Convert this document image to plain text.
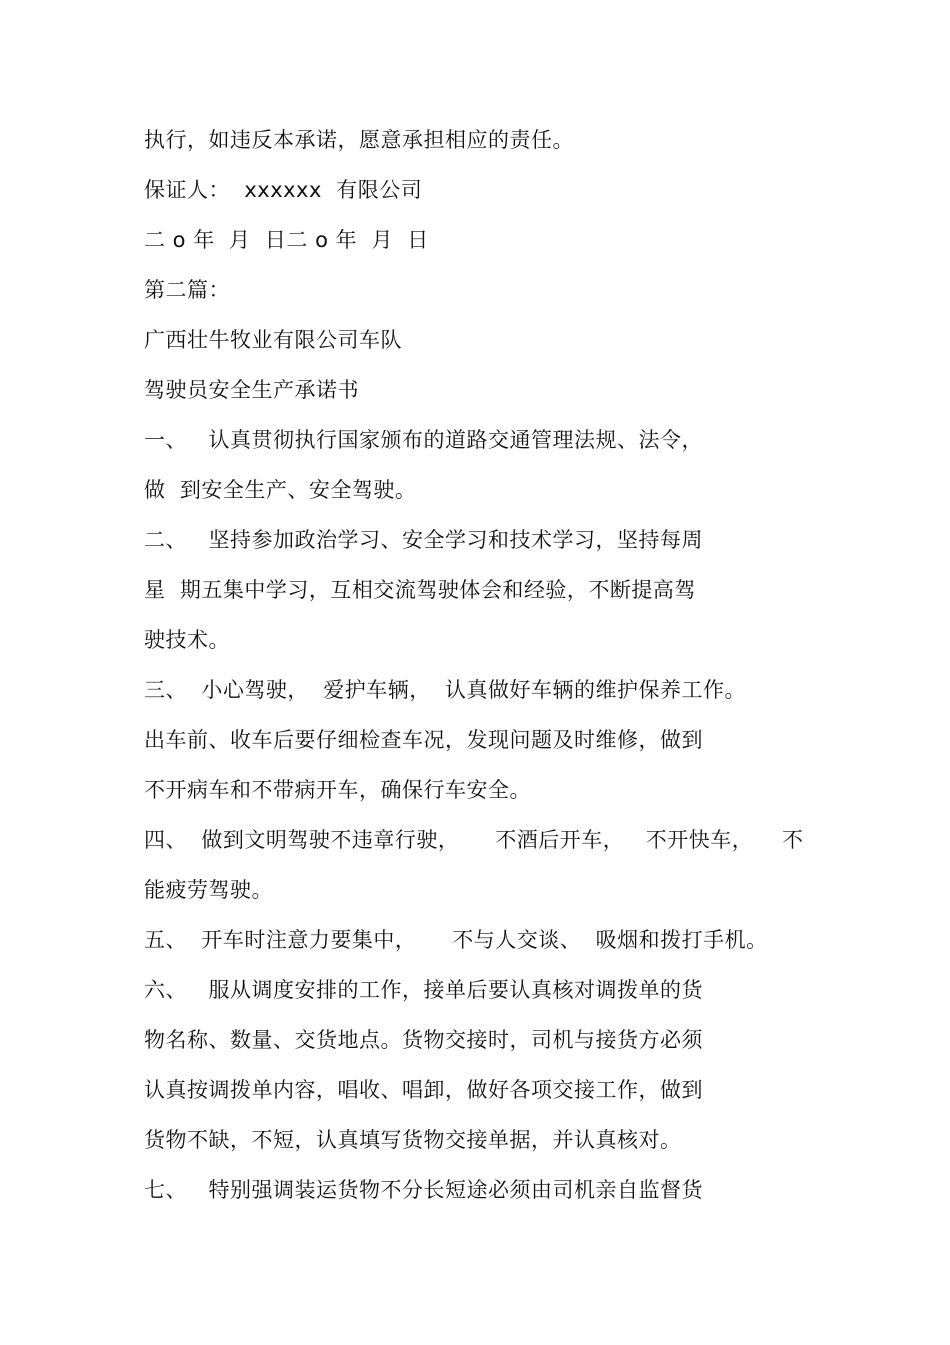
执行，如违反本承诺，愿意承担相应的责任。
保证人：  xxxxxx  有限公司
二 o 年  月  日二 o 年  月  日
第二篇：
广西壮牛牧业有限公司车队
驾驶员安全生产承诺书
一、   认真贯彻执行国家颁布的道路交通管理法规、法令，
做  到安全生产、安全驾驶。
二、   坚持参加政治学习、安全学习和技术学习，坚持每周
星  期五集中学习，互相交流驾驶体会和经验，不断提高驾
驶技术。
三、  小心驾驶，  爱护车辆，  认真做好车辆的维护保养工作。
出车前、收车后要仔细检查车况，发现问题及时维修，做到
不开病车和不带病开车，确保行车安全。
四、  做到文明驾驶不违章行驶，     不酒后开车，   不开快车，    不
能疲劳驾驶。
五、  开车时注意力要集中，     不与人交谈、  吸烟和拨打手机。
六、   服从调度安排的工作，接单后要认真核对调拨单的货
物名称、数量、交货地点。货物交接时，司机与接货方必须
认真按调拨单内容，唱收、唱卸，做好各项交接工作，做到
货物不缺，不短，认真填写货物交接单据，并认真核对。
七、   特别强调装运货物不分长短途必须由司机亲自监督货
